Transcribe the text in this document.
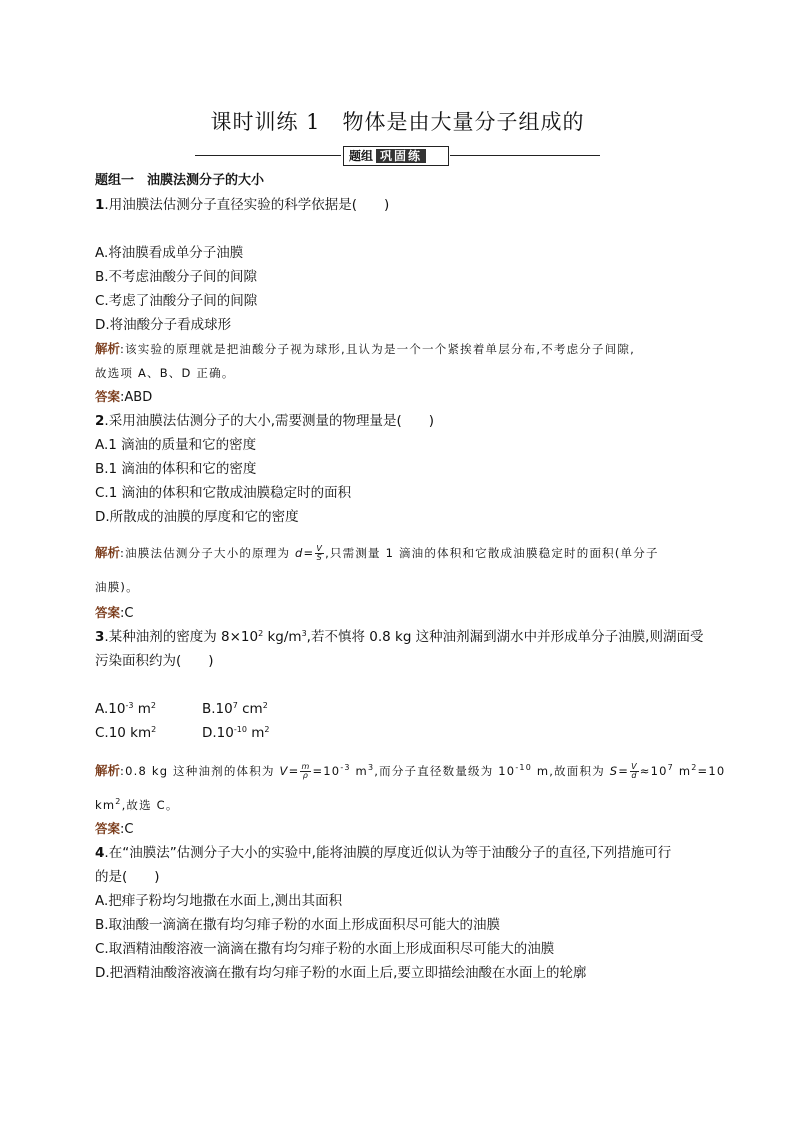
课时训练 1　物体是由大量分子组成的
题组 巩固练
题组一　油膜法测分子的大小
1.用油膜法估测分子直径实验的科学依据是(　　)
A.将油膜看成单分子油膜
B.不考虑油酸分子间的间隙
C.考虑了油酸分子间的间隙
D.将油酸分子看成球形
解析:该实验的原理就是把油酸分子视为球形,且认为是一个一个紧挨着单层分布,不考虑分子间隙,
故选项 A、B、D 正确。
答案:ABD
2.采用油膜法估测分子的大小,需要测量的物理量是(　　)
A.1 滴油的质量和它的密度
B.1 滴油的体积和它的密度
C.1 滴油的体积和它散成油膜稳定时的面积
D.所散成的油膜的厚度和它的密度
解析:油膜法估测分子大小的原理为 $d= \frac{V}{S}$ ,只需测量 1 滴油的体积和它散成油膜稳定时的面积(单分子
油膜)。
答案:C
3.某种油剂的密度为 $8\times 10^2$ $kg/m^3$,若不慎将 0.8 kg 这种油剂漏到湖水中并形成单分子油膜,则湖面受
污染面积约为(　　)
$A.10^{-3}$ $m^2$	$B.10^7$ $cm^2$
C.10 $km^2$	$D.10^{-10}$ $m^2$
解析:0.8 kg 这种油剂的体积为 $V= \frac{m}{\rho} =10^{-3}$ $m^3$,而分子直径数量级为 $10^{-10}$ m,故面积为 $S= \frac{V}{d} \approx 10^7$ $m^2=10$
$km^2$,故选 C。
答案:C
4.在“油膜法”估测分子大小的实验中,能将油膜的厚度近似认为等于油酸分子的直径,下列措施可行
的是(　　)
A.把痱子粉均匀地撒在水面上,测出其面积
B.取油酸一滴滴在撒有均匀痱子粉的水面上形成面积尽可能大的油膜
C.取酒精油酸溶液一滴滴在撒有均匀痱子粉的水面上形成面积尽可能大的油膜
D.把酒精油酸溶液滴在撒有均匀痱子粉的水面上后,要立即描绘油酸在水面上的轮廓
